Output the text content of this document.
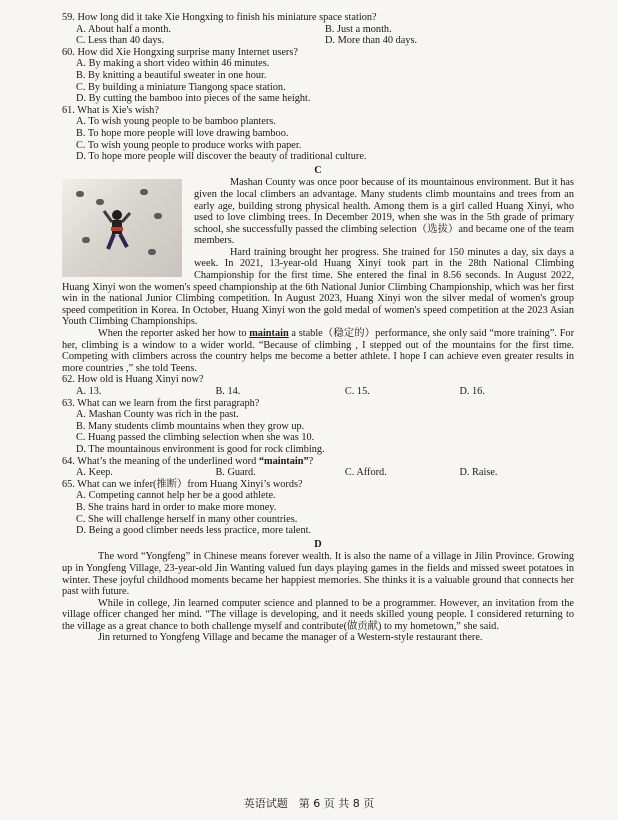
59. How long did it take Xie Hongxing to finish his miniature space station?

A. About half a month.	B. Just a month.
C. Less than 40 days.	D. More than 40 days.

60. How did Xie Hongxing surprise many Internet users?

A. By making a short video within 46 minutes.

B. By knitting a beautiful sweater in one hour.

C. By building a miniature Tiangong space station.

D. By cutting the bamboo into pieces of the same height.

61. What is Xie's wish?

A. To wish young people to be bamboo planters.

B. To hope more people will love drawing bamboo.

C. To wish young people to produce works with paper.

D. To hope more people will discover the beauty of traditional culture.

C

Mashan County was once poor because of its mountainous environment. But it has given the local climbers an advantage. Many students climb mountains and trees from an early age, building strong physical health. Among them is a girl called Huang Xinyi, who used to love climbing trees. In December 2019, when she was in the 5th grade of primary school, she successfully passed the climbing selection（选拔）and became one of the team members.

Hard training brought her progress. She trained for 150 minutes a day, six days a week. In 2021, 13-year-old Huang Xinyi took part in the 28th National Climbing Championship for the first time. She entered the final in 8.56 seconds. In August 2022, Huang Xinyi won the women's speed championship at the 6th National Junior Climbing Championship, which was her first win in the national Junior Climbing competition. In August 2023, Huang Xinyi won the silver medal of women's group speed competition in Korea. In October, Huang Xinyi won the gold medal of women's speed competition at the 2023 Asian Youth Climbing Championships.

When the reporter asked her how to maintain a stable（稳定的）performance, she only said “more training”. For her, climbing is a window to a wider world. “Because of climbing , I stepped out of the mountains for the first time. Competing with climbers across the country helps me become a better athlete. I hope I can achieve even greater results in more countries ,” she told Teens.

62. How old is Huang Xinyi now?

A. 13.	B. 14.	C. 15.	D. 16.

63. What can we learn from the first paragraph?

A. Mashan County was rich in the past.

B. Many students climb mountains when they grow up.

C. Huang passed the climbing selection when she was 10.

D. The mountainous environment is good for rock climbing.

64. What’s the meaning of the underlined word “maintain”?

A. Keep.	B. Guard.	C. Afford.	D. Raise.

65. What can we infer(推断）from Huang Xinyi’s words?

A. Competing cannot help her be a good athlete.

B. She trains hard in order to make more money.

C. She will challenge herself in many other countries.

D. Being a good climber needs less practice, more talent.

D

The word “Yongfeng” in Chinese means forever wealth. It is also the name of a village in Jilin Province. Growing up in Yongfeng Village, 23-year-old Jin Wanting valued fun days playing games in the fields and missed sweet potatoes in winter. These joyful childhood moments became her happiest memories. She thinks it is a valuable ground that connects her past with future.

While in college, Jin learned computer science and planned to be a programmer. However, an invitation from the village officer changed her mind. “The village is developing, and it needs skilled young people. I considered returning to the village as a great chance to both challenge myself and contribute(做贡献) to my hometown,” she said.

Jin returned to Yongfeng Village and became the manager of a Western-style restaurant there.

英语试题　第 6 页 共 8 页
